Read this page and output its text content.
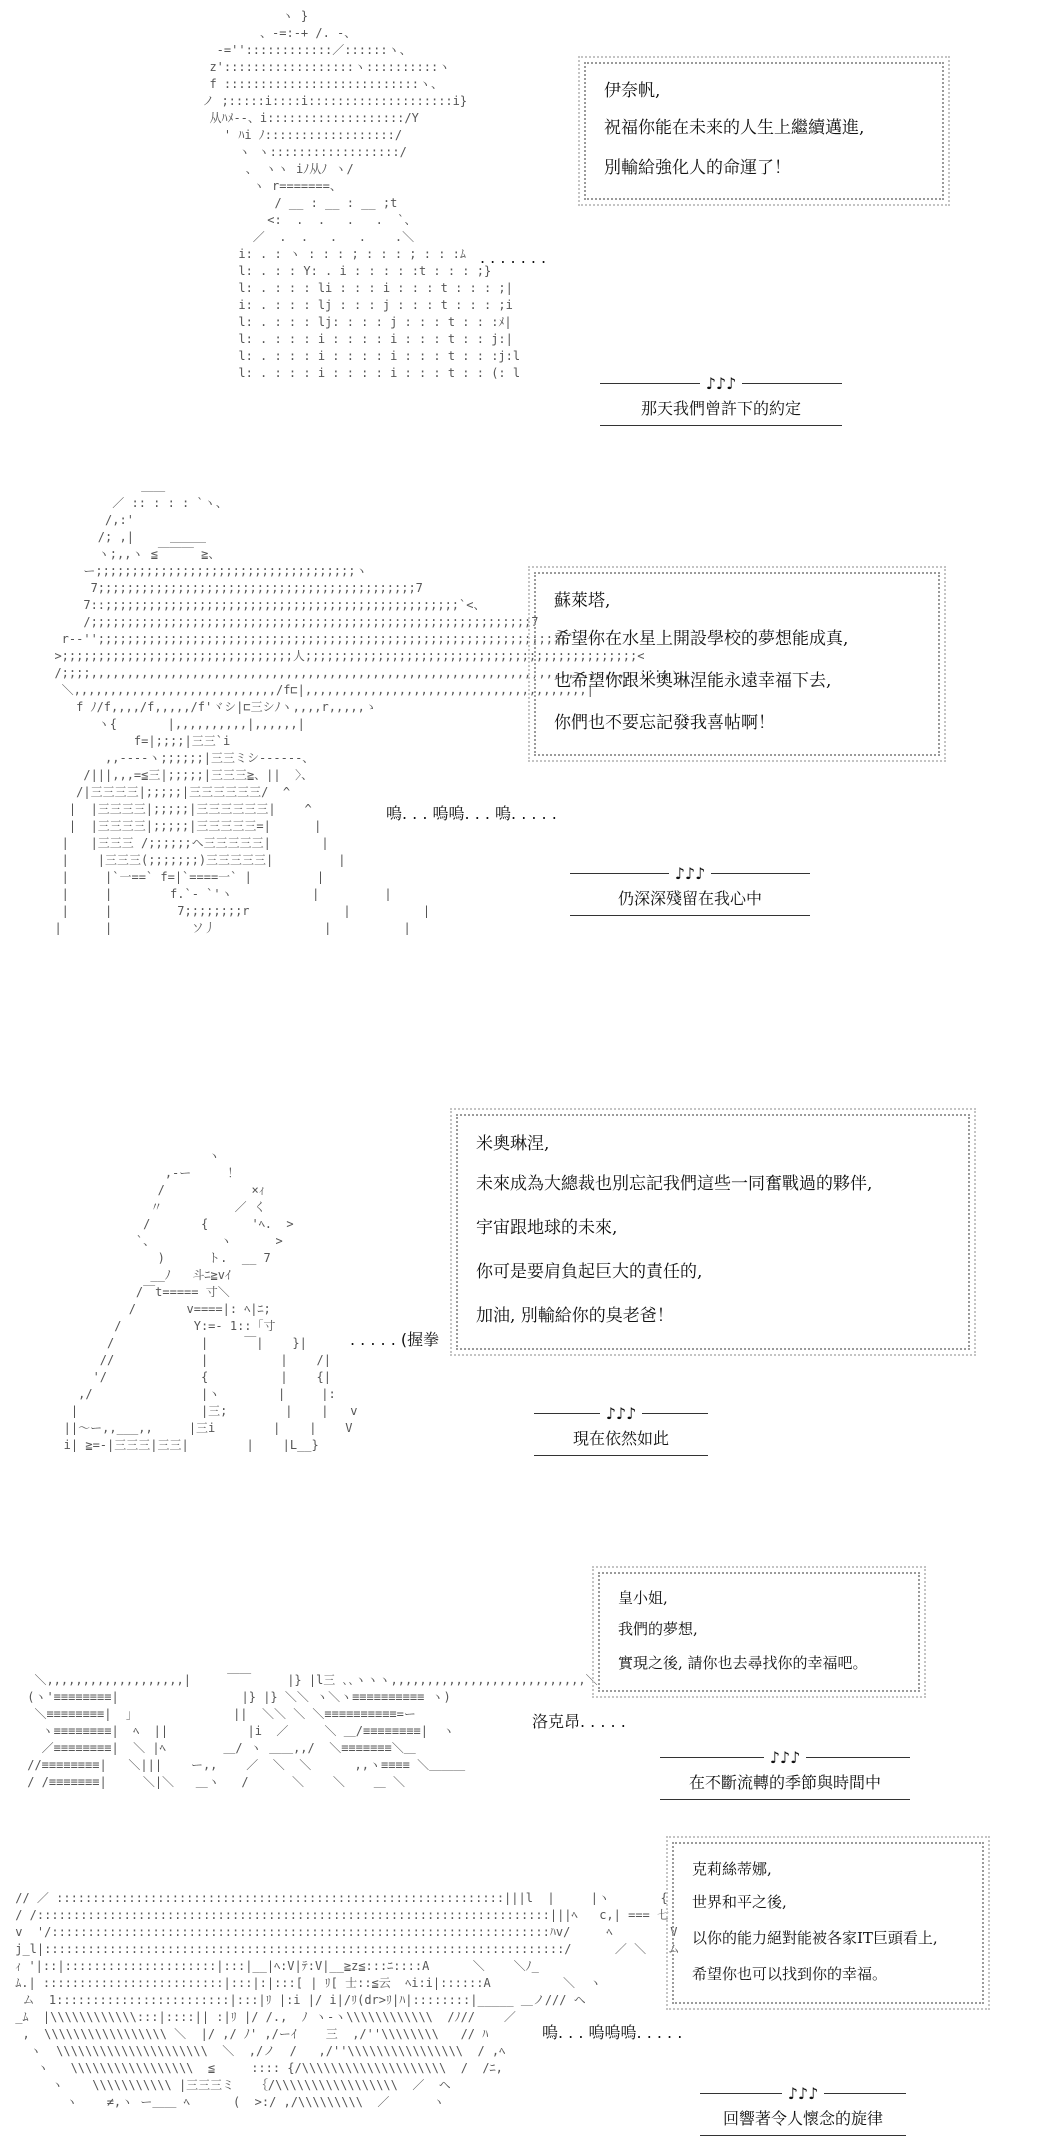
ヽ }
、-=:-+ /. -、
-=''::::::::::::／::::::ヽ、
z'::::::::::::::::::ヽ::::::::::ヽ
f :::::::::::::::::::::::::::ヽ、
ノ ;:::::i::::i::::::::::::::::::::i}
从ﾊﾒ--、i:::::::::::::::::::/Y
' ﾊi ﾉ::::::::::::::::::/
ヽ ヽ::::::::::::::::::/
、 ヽヽ iﾉ从ﾉ ヽ/
ヽ r=======、
/ __ : __ : __ ;t
<:  .  .   .   .  `、
／  .  .   .   .    .＼
i: . : ヽ : : : ; : : : ; : : :ﾑ
l: . : : Y: . i : : : : :t : : : ;}
l: . : : : li : : : i : : : t : : : ;|
i: . : : : lj : : : j : : : t : : : ;i
l: . : : : lj: : : : j : : : t : : :ﾒ|
l: . : : : i : : : : i : : : t : : j:|
l: . : : : i : : : : i : : : t : : :j:l
l: . : : : i : : : : i : : : t : : (: l
伊奈帆,
祝福你能在未来的人生上繼續邁進,
別輸給強化人的命運了！
. . . . . . .
♪♪♪
那天我們曾許下的約定
＿＿
／ :: : : : `ヽ、
/,:'
/; ,|     ＿＿＿
ヽ;,,ヽ ≦￣￣￣ ≧、
ー;;;;;;;;;;;;;;;;;;;;;;;;;;;;;;;;;;;;ヽ
7;;;;;;;;;;;;;;;;;;;;;;;;;;;;;;;;;;;;;;;;;;;;7
7::;;;;;;;;;;;;;;;;;;;;;;;;;;;;;;;;;;;;;;;;;;;;;;;;;`<、
/;;;;;;;;;;;;;;;;;;;;;;;;;;;;;;;;;;;;;;;;;;;;;;;;;;;;;;;;;;;;;7
r--'';;;;;;;;;;;;;;;;;;;;;;;;;;;;;;;;;;;;;;;;;;;;;;;;;;;;;;;;;;;;;;;;;`ヽ一
>;;;;;;;;;;;;;;;;;;;;;;;;;;;;;;;;人;;;;;;;;;;;;;;;;;;;;;;;;;;;;;;;;;;;;;;;;;;;;;;<
/;;;;,,,,,,,,,,,,,,,,,,,,,,,,,,,,,,,,,,,,,,,,,,,,,,,,,,,,,,,,,,,,,,,,,,,,,,,,,,,,;;;;ヽ
＼,,,,,,,,,,,,,,,,,,,,,,,,,,,,/f⊏|,,,,,,,,,,,,,,,,,,,,,,,,,,,,,,,,,,,,,,,|
f ﾉ/f,,,,/f,,,,,/f'ヾシ|⊏三シﾉヽ,,,,r,,,,,ゝ
ヽ{       |,,,,,,,,,,|,,,,,,|
f=|;;;;|三三`i
,,----ヽ;;;;;;|三三ミシ------、
/|||,,,=≦三|;;;;;|三三三≧、||  〉、
/|三三三三|;;;;;|三三三三三三/  ^
|  |三三三三|;;;;;|三三三三三三|    ^
|  |三三三三|;;;;;|三三三三三=|      |
|   |三三三 /;;;;;;ヘ三三三三三|       |
|    |三三三(;;;;;;;)三三三三三|         |
|     |`一==` f=|`====一` |         |
|     |        f.`- `'ヽ           |         |
|     |         7;;;;;;;;r             |          |
|      |           ソ丿               |          |
蘇萊塔,
希望你在水星上開設學校的夢想能成真,
也希望你跟米奧琳涅能永遠幸福下去,
你們也不要忘記發我喜帖啊！
嗚. . . 嗚嗚. . . 嗚. . . . .
♪♪♪
仍深深殘留在我心中
ヽ
,-ー     ！
/            ×ｨ
〃          ／ く
/       {      'ﾍ.  >
`、         ヽ      >
)      ト.  __ 7
__ﾉ   斗ﾆ≧vｲ
/￣t===== 寸＼
/       v====|: ﾍ|ﾆ;
/          Y:=- 1::「寸
/            |     ￣|    }|
//            |          |    /|
'/             {          |    {|
,/               |ヽ        |     |:
|                 |三;        |    |   v
||～ー,,___,,     |三i        |    |    V
i| ≧=-|三三三|三三|        |    |L__}
米奧琳涅,
未來成為大總裁也別忘記我們這些一同奮戰過的夥伴,
宇宙跟地球的未來,
你可是要肩負起巨大的責任的,
加油, 別輸給你的臭老爸！
. . . . . (握拳
♪♪♪
現在依然如此
＼,,,,,,,,,,,,,,,,,,,|     ￣￣     |} |l三 ､､ヽヽヽ,,,,,,,,,,,,,,,,,,,,,,,,,,,＼
(ヽ'≡≡≡≡≡≡≡≡|                 |} |} ＼＼ ヽ＼ヽ≡≡≡≡≡≡≡≡≡≡ ヽ)
＼≡≡≡≡≡≡≡≡|  ｣              ||  ＼＼ ＼ ＼≡≡≡≡≡≡≡≡≡≡=ー
ヽ≡≡≡≡≡≡≡≡|  ﾍ  ||           |i  ／     ＼ ＿/≡≡≡≡≡≡≡≡|  ヽ
／≡≡≡≡≡≡≡≡|  ＼ |ﾍ        ＿/ ヽ ＿＿,,/  ＼≡≡≡≡≡≡≡＼＿
//≡≡≡≡≡≡≡≡|   ＼|||    ー,,    ／  ＼  ＼      ,,ヽ≡≡≡≡ ＼＿＿＿
/ /≡≡≡≡≡≡≡|     ＼|＼   ＿ヽ   /      ＼    ＼    ＿ ＼
皇小姐,
我們的夢想,
實現之後, 請你也去尋找你的幸福吧。
洛克昂. . . . .
♪♪♪
在不斷流轉的季節與時間中
// ／ ::::::::::::::::::::::::::::::::::::::::::::::::::::::::::::::|||l  |     |ヽ       {
/ /:::::::::::::::::::::::::::::::::::::::::::::::::::::::::::::::::::::::|||ﾍ   c,| === 七
v  '/:::::::::::::::::::::::::::::::::::::::::::::::::::::::::::::::::::::ﾊv/     ﾍ        V
j_l|::::::::::::::::::::::::::::::::::::::::::::::::::::::::::::::::::::::::/      ／ ＼   ム
ｨ '|::|:::::::::::::::::::::|:::|__|ﾍ:V|ﾃ:V|__≧z≦:::ﾆ::::A      ＼    ＼ﾉ_
ﾑ.| :::::::::::::::::::::::::|:::|:|:::[ | ﾘ[ 士::≦云  ﾍi:i|::::::A          ＼  ヽ
ム  1::::::::::::::::::::::::|:::|ﾘ |:i |/ i|/ﾘ(dr>ﾘ|ﾊ|::::::::|_____ ＿ノ/// ヘ
_ﾑ  |\\\\\\\\\\\\:::|::::|| :|ﾘ |/ /.,  ﾉ ヽ-ヽ\\\\\\\\\\\\  /ﾉ//    ／
,  \\\\\\\\\\\\\\\\\ ＼  |/ ,/ ﾉ' ,/ーｲ    三  ,/''\\\\\\\\   // ﾊ
ヽ  \\\\\\\\\\\\\\\\\\\\\  ＼  ,/ノ  /   ,/''\\\\\\\\\\\\\\\\  / ,ﾍ
ヽ   \\\\\\\\\\\\\\\\\  ≦     :::: {/\\\\\\\\\\\\\\\\\\\\  /  /ﾆ,
ヽ    \\\\\\\\\\\ |三三三ミ   ｛/\\\\\\\\\\\\\\\\\  ／  ヘ
ヽ    ≠,ヽ ー＿＿ ﾍ      (  >:/ ,/\\\\\\\\\  ／      ヽ
克莉絲蒂娜,
世界和平之後,
以你的能力絕對能被各家IT巨頭看上,
希望你也可以找到你的幸福。
嗚. . . 嗚嗚嗚. . . . .
♪♪♪
回響著令人懷念的旋律
